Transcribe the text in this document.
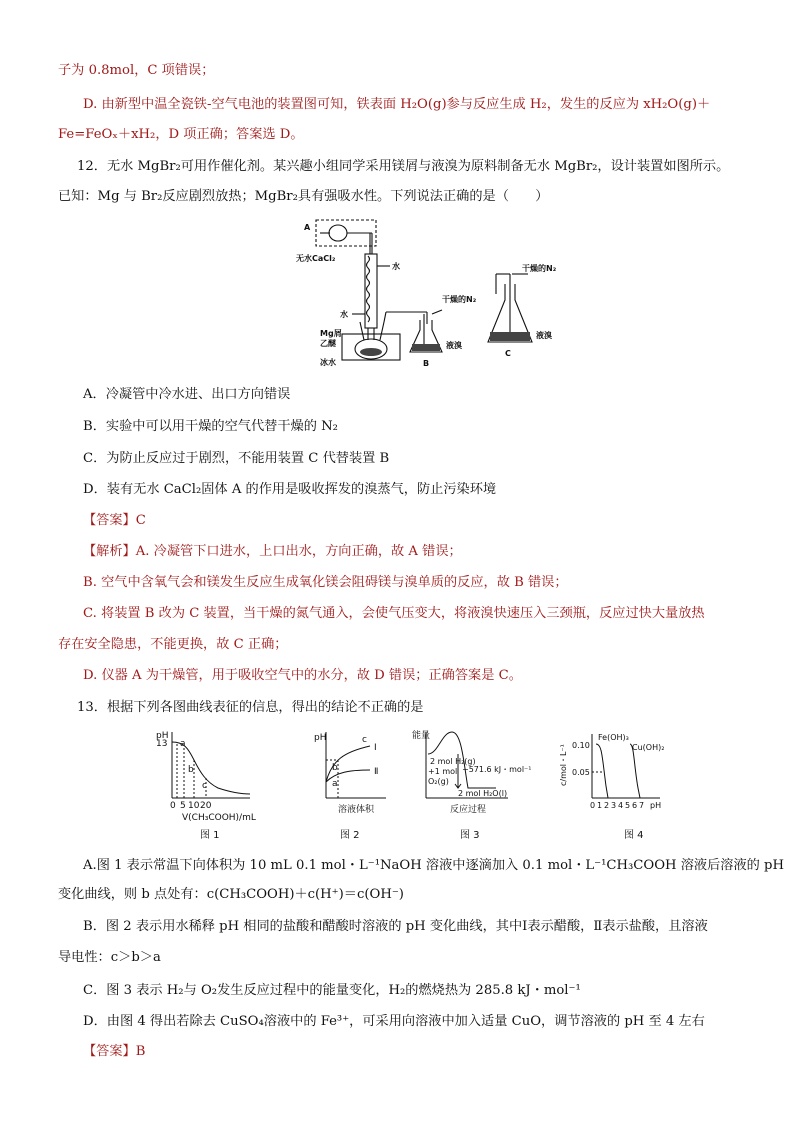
子为 0.8mol，C 项错误；
D. 由新型中温全瓷铁-空气电池的装置图可知，铁表面 H₂O(g)参与反应生成 H₂，发生的反应为 xH₂O(g)＋
Fe=FeOₓ＋xH₂，D 项正确；答案选 D。
12．无水 MgBr₂可用作催化剂。某兴趣小组同学采用镁屑与液溴为原料制备无水 MgBr₂，设计装置如图所示。
已知：Mg 与 Br₂反应剧烈放热；MgBr₂具有强吸水性。下列说法正确的是（　　）
A
无水CaCl₂
水
水
Mg屑
乙醚
冰水
干燥的N₂
液溴
B
干燥的N₂
液溴
C
A．冷凝管中冷水进、出口方向错误
B．实验中可以用干燥的空气代替干燥的 N₂
C．为防止反应过于剧烈，不能用装置 C 代替装置 B
D．装有无水 CaCl₂固体 A 的作用是吸收挥发的溴蒸气，防止污染环境
【答案】C
【解析】A. 冷凝管下口进水，上口出水，方向正确，故 A 错误；
B. 空气中含氧气会和镁发生反应生成氧化镁会阻碍镁与溴单质的反应，故 B 错误；
C. 将装置 B 改为 C 装置，当干燥的氮气通入，会使气压变大，将液溴快速压入三颈瓶，反应过快大量放热
存在安全隐患，不能更换，故 C 正确；
D. 仪器 A 为干燥管，用于吸收空气中的水分，故 D 错误；正确答案是 C。
13．根据下列各图曲线表征的信息，得出的结论不正确的是
pH
13 a
b
c
0 5 10 20
V(CH₃COOH)/mL
图 1
pH
a
b
c
Ⅰ
Ⅱ
溶液体积
图 2
能量
2 mol H₂(g)
+1 mol
O₂(g)
−571.6 kJ・mol⁻¹
2 mol H₂O(l)
反应过程
图 3
c/mol・L⁻¹ 0.10
0.05
Fe(OH)₃
Cu(OH)₂
0 1 2 3 4 5 6 7 pH
图 4
A.图 1 表示常温下向体积为 10 mL 0.1 mol・L⁻¹NaOH 溶液中逐滴加入 0.1 mol・L⁻¹CH₃COOH 溶液后溶液的 pH
变化曲线，则 b 点处有：c(CH₃COOH)＋c(H⁺)＝c(OH⁻)
B．图 2 表示用水稀释 pH 相同的盐酸和醋酸时溶液的 pH 变化曲线，其中Ⅰ表示醋酸，Ⅱ表示盐酸，且溶液
导电性：c＞b＞a
C．图 3 表示 H₂与 O₂发生反应过程中的能量变化，H₂的燃烧热为 285.8 kJ・mol⁻¹
D．由图 4 得出若除去 CuSO₄溶液中的 Fe³⁺，可采用向溶液中加入适量 CuO，调节溶液的 pH 至 4 左右
【答案】B
